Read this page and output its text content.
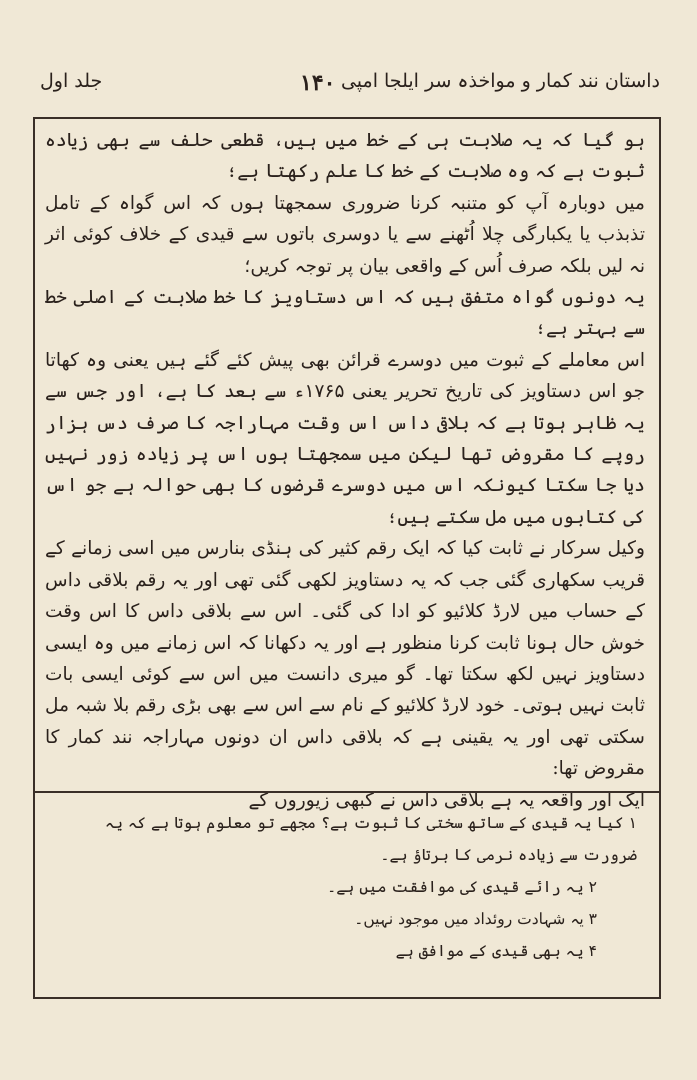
داستان نند کمار و مواخذہ سر ایلجا امپی
۱۴۰
جلد اول

ہو گیا کہ یہ صلابت ہی کے خط میں ہیں، قطعی حلف سے بھی زیادہ ثبوت ہے کہ وہ صلابت کے خط کا علم رکھتا ہے؛

میں دوبارہ آپ کو متنبہ کرنا ضروری سمجھتا ہوں کہ اس گواہ کے تامل تذبذب یا یکبارگی چلا اُٹھنے سے یا دوسری باتوں سے قیدی کے خلاف کوئی اثر نہ لیں بلکہ صرف اُس کے واقعی بیان پر توجہ کریں؛

یہ دونوں گواہ متفق ہیں کہ اس دستاویز کا خط صلابت کے اصلی خط سے بہتر ہے؛

اس معاملے کے ثبوت میں دوسرے قرائن بھی پیش کئے گئے ہیں یعنی وہ کھاتا جو اس دستاویز کی تاریخ تحریر یعنی ۱۷۶۵ء سے بعد کا ہے، اور جس سے یہ ظاہر ہوتا ہے کہ بلاقی داس اس وقت مہاراجہ کا صرف دس ہزار روپے کا مقروض تھا لیکن میں سمجھتا ہوں اس پر زیادہ زور نہیں دیا جا سکتا کیونکہ اس میں دوسرے قرضوں کا بھی حوالہ ہے جو اس کی کتابوں میں مل سکتے ہیں؛

وکیل سرکار نے ثابت کیا کہ ایک رقم کثیر کی ہنڈی بنارس میں اسی زمانے کے قریب سکھاری گئی جب کہ یہ دستاویز لکھی گئی تھی اور یہ رقم بلاقی داس کے حساب میں لارڈ کلائیو کو ادا کی گئی۔ اس سے بلاقی داس کا اس وقت خوش حال ہونا ثابت کرنا منظور ہے اور یہ دکھانا کہ اس زمانے میں وہ ایسی دستاویز نہیں لکھ سکتا تھا۔ گو میری دانست میں اس سے کوئی ایسی بات ثابت نہیں ہوتی۔ خود لارڈ کلائیو کے نام سے اس سے بھی بڑی رقم بلا شبہ مل سکتی تھی اور یہ یقینی ہے کہ بلاقی داس ان دونوں مہاراجہ نند کمار کا مقروض تھا:

ایک اور واقعہ یہ ہے بلاقی داس نے کبھی زیوروں کے

۱ کیا یہ قیدی کے ساتھ سختی کا ثبوت ہے؟ مجھے تو معلوم ہوتا ہے کہ یہ ضرورت سے زیادہ نرمی کا برتاؤ ہے۔

۲ یہ رائے قیدی کی موافقت میں ہے۔

۳ یہ شہادت روئداد میں موجود نہیں۔

۴ یہ بھی قیدی کے موافق ہے
